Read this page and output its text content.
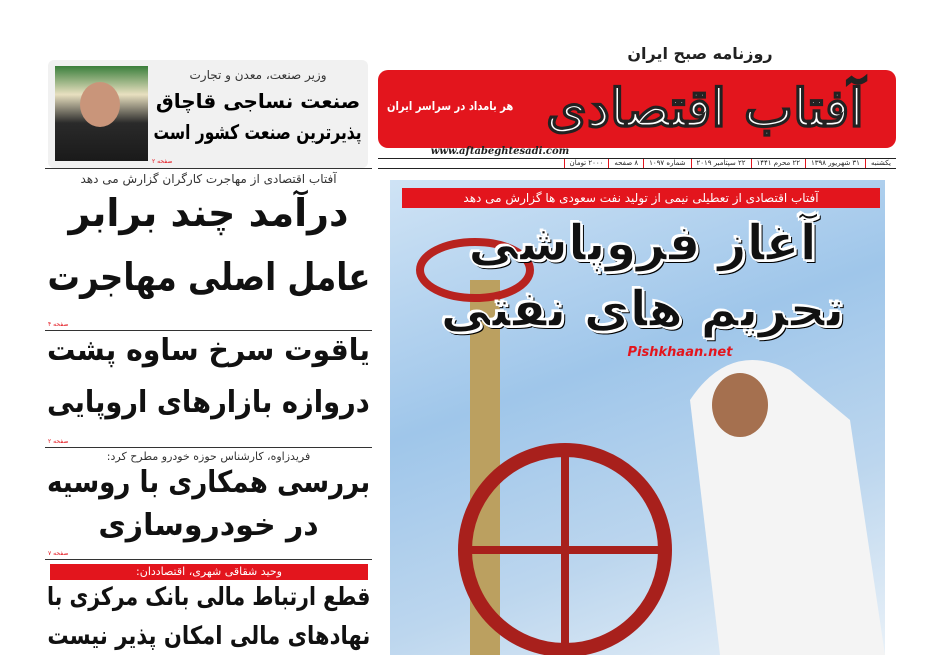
آفتاب اقتصادی
روزنامه صبح ایران
هر بامداد در سراسر ایران
www.aftabeghtesadi.com
یکشنبه
۳۱ شهریور ۱۳۹۸
۲۲ محرم ۱۴۴۱
۲۲ سپتامبر ۲۰۱۹
شماره ۱۰۹۷
۸ صفحه
۲۰۰۰ تومان
آفتاب اقتصادی از تعطیلی نیمی از تولید نفت سعودی ها گزارش می دهد
آغاز فروپاشی
تحریم های نفتی
Pishkhaan.net
وزیر صنعت، معدن و تجارت
صنعت نساجی قاچاق
پذیرترین صنعت کشور است
صفحه ۲
آفتاب اقتصادی از مهاجرت کارگران گزارش می دهد
درآمد چند برابر
عامل اصلی مهاجرت
صفحه ۴
یاقوت سرخ ساوه پشت
دروازه بازارهای اروپایی
صفحه ۲
فریدزاوه، کارشناس حوزه خودرو مطرح کرد:
بررسی همکاری با روسیه
در خودروسازی
صفحه ۷
وحید شقاقی شهری، اقتصاددان:
قطع ارتباط مالی بانک مرکزی با
نهادهای مالی امکان پذیر نیست
